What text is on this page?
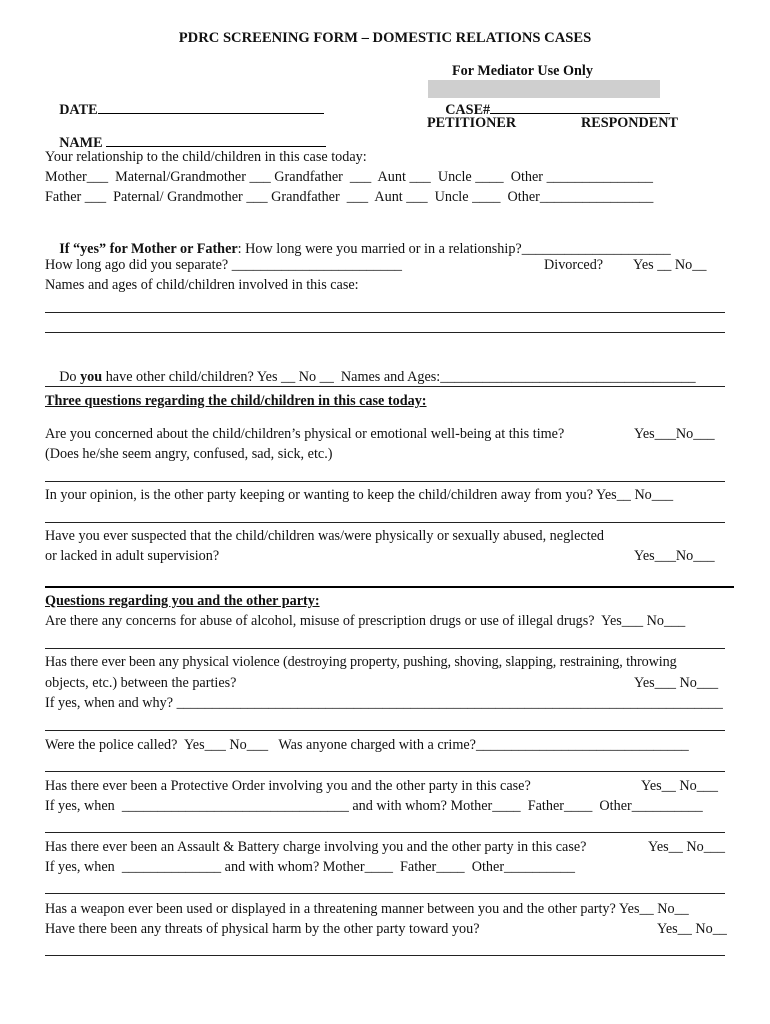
PDRC SCREENING FORM – DOMESTIC RELATIONS CASES
For Mediator Use Only

DATE
	CASE#

NAME

PETITIONER	RESPONDENT
Your relationship to the child/children in this case today:
Mother___  Maternal/Grandmother ___ Grandfather  ___  Aunt ___  Uncle ____  Other _______________
Father ___  Paternal/ Grandmother ___ Grandfather  ___  Aunt ___  Uncle ____  Other________________

If “yes” for Mother or Father: How long were you married or in a relationship?_____________________

How long ago did you separate? ________________________	Divorced? Yes __ No__
Names and ages of child/children involved in this case:

Do you have other child/children? Yes __ No __  Names and Ages:____________________________________

Three questions regarding the child/children in this case today:
Are you concerned about the child/children’s physical or emotional well-being at this time?	Yes___No___
(Does he/she seem angry, confused, sad, sick, etc.)
In your opinion, is the other party keeping or wanting to keep the child/children away from you? Yes__ No___
Have you ever suspected that the child/children was/were physically or sexually abused, neglected
or lacked in adult supervision?	Yes___No___
Questions regarding you and the other party:
Are there any concerns for abuse of alcohol, misuse of prescription drugs or use of illegal drugs?  Yes___ No___
Has there ever been any physical violence (destroying property, pushing, shoving, slapping, restraining, throwing
objects, etc.) between the parties?	Yes___ No___
If yes, when and why? _____________________________________________________________________________
Were the police called?  Yes___ No___   Was anyone charged with a crime?______________________________
Has there ever been a Protective Order involving you and the other party in this case?	Yes__ No___
If yes, when  ________________________________ and with whom? Mother____  Father____  Other__________
Has there ever been an Assault & Battery charge involving you and the other party in this case?	Yes__ No___
If yes, when  ______________ and with whom? Mother____  Father____  Other__________
Has a weapon ever been used or displayed in a threatening manner between you and the other party? Yes__ No__
Have there been any threats of physical harm by the other party toward you?	Yes__ No__
